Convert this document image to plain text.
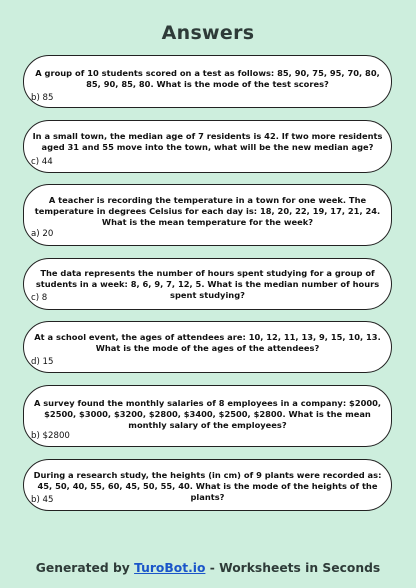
Answers
A group of 10 students scored on a test as follows: 85, 90, 75, 95, 70, 80, 85, 90, 85, 80. What is the mode of the test scores?
b) 85
In a small town, the median age of 7 residents is 42. If two more residents aged 31 and 55 move into the town, what will be the new median age?
c) 44
A teacher is recording the temperature in a town for one week. The temperature in degrees Celsius for each day is: 18, 20, 22, 19, 17, 21, 24. What is the mean temperature for the week?
a) 20
The data represents the number of hours spent studying for a group of students in a week: 8, 6, 9, 7, 12, 5. What is the median number of hours spent studying?
c) 8
At a school event, the ages of attendees are: 10, 12, 11, 13, 9, 15, 10, 13. What is the mode of the ages of the attendees?
d) 15
A survey found the monthly salaries of 8 employees in a company: $2000, $2500, $3000, $3200, $2800, $3400, $2500, $2800. What is the mean monthly salary of the employees?
b) $2800
During a research study, the heights (in cm) of 9 plants were recorded as: 45, 50, 40, 55, 60, 45, 50, 55, 40. What is the mode of the heights of the plants?
b) 45
Generated by TuroBot.io - Worksheets in Seconds
